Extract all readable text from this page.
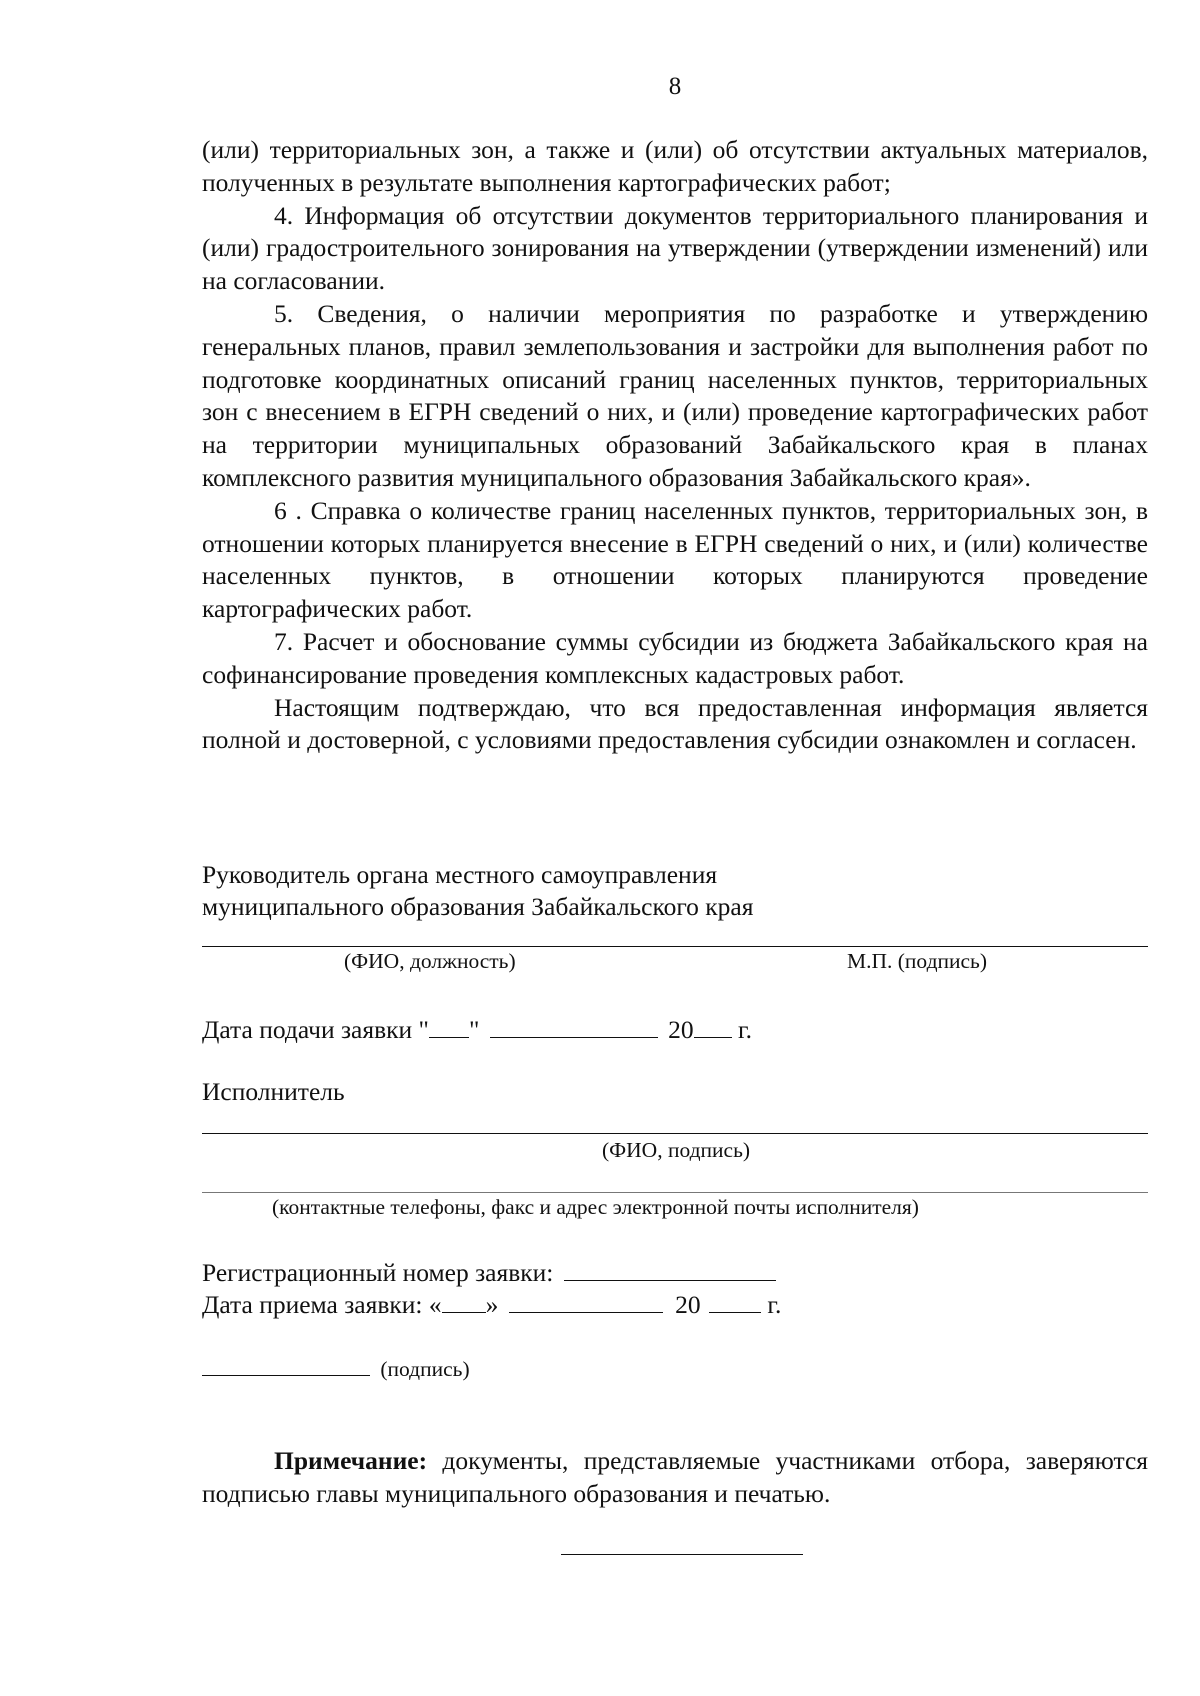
8

(или) территориальных зон, а также и (или) об отсутствии актуальных материалов, полученных в результате выполнения картографических работ;

4. Информация об отсутствии документов территориального планирования и (или) градостроительного зонирования на утверждении (утверждении изменений) или на согласовании.

5. Сведения, о наличии мероприятия по разработке и утверждению генеральных планов, правил землепользования и застройки для выполнения работ по подготовке координатных описаний границ населенных пунктов, территориальных зон с внесением в ЕГРН сведений о них, и (или) проведение картографических работ на территории муниципальных образований Забайкальского края в планах комплексного развития муниципального образования Забайкальского края».

6 . Справка о количестве границ населенных пунктов, территориальных зон, в отношении которых планируется внесение в ЕГРН сведений о них, и (или) количестве населенных пунктов, в отношении которых планируются проведение картографических работ.

7. Расчет и обоснование суммы субсидии из бюджета Забайкальского края на софинансирование проведения комплексных кадастровых работ.

Настоящим подтверждаю, что вся предоставленная информация является полной и достоверной, с условиями предоставления субсидии ознакомлен и согласен.

Руководитель органа местного самоуправления
муниципального образования Забайкальского края
(ФИО, должность)	М.П. (подпись)
Дата подачи заявки " "	20 г.
Исполнитель
(ФИО, подпись)
(контактные телефоны, факс и адрес электронной почты исполнителя)
Регистрационный номер заявки:
Дата приема заявки: « »	20	г.
(подпись)

Примечание: документы, представляемые участниками отбора, заверяются подписью главы муниципального образования и печатью.
